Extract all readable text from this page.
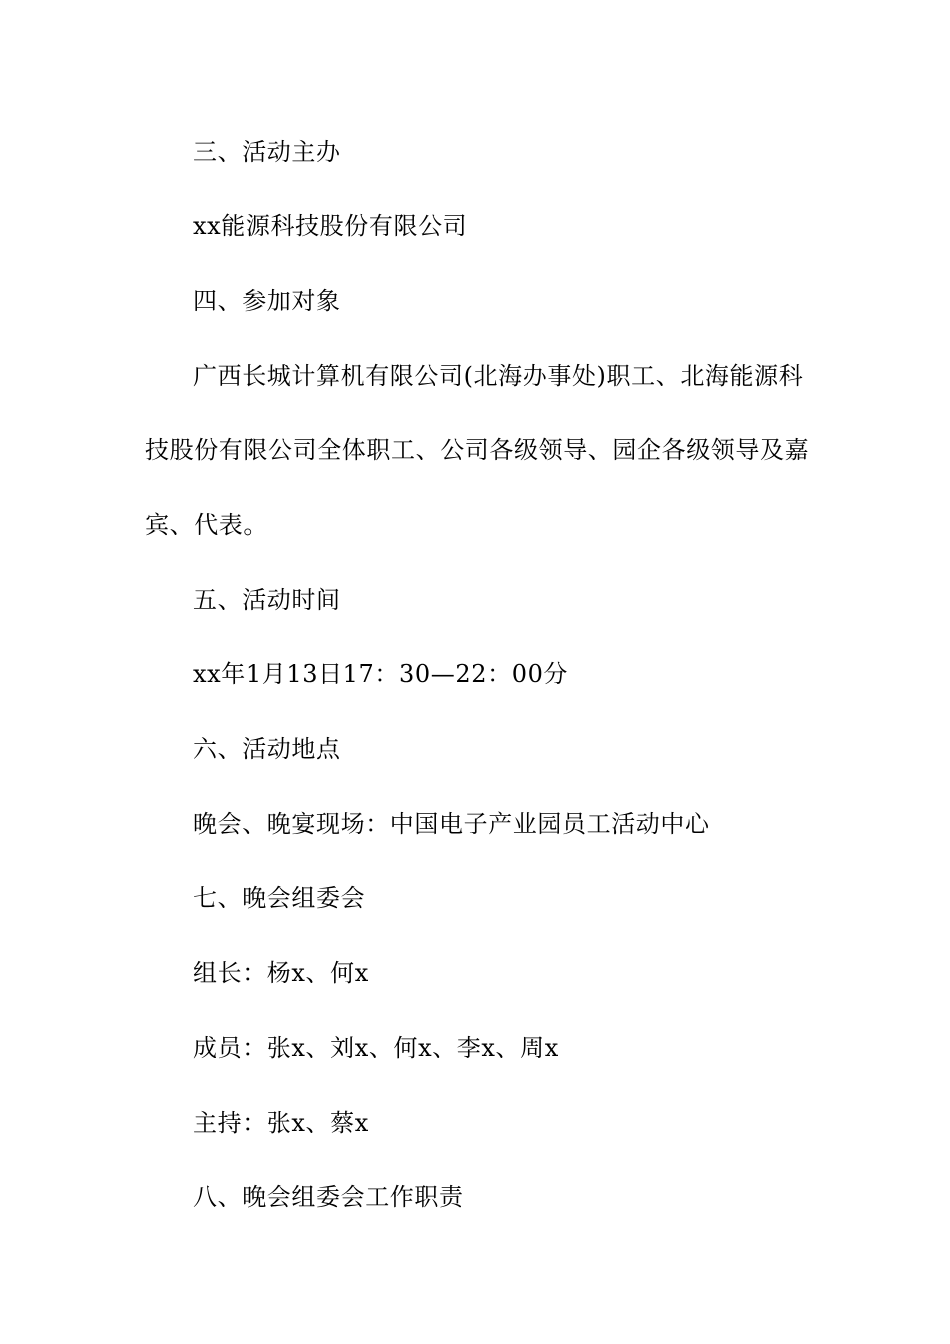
三、活动主办
xx能源科技股份有限公司
四、参加对象
广西长城计算机有限公司(北海办事处)职工、北海能源科
技股份有限公司全体职工、公司各级领导、园企各级领导及嘉
宾、代表。
五、活动时间
xx年1月13日17：30—22：00分
六、活动地点
晚会、晚宴现场：中国电子产业园员工活动中心
七、晚会组委会
组长：杨x、何x
成员：张x、刘x、何x、李x、周x
主持：张x、蔡x
八、晚会组委会工作职责
